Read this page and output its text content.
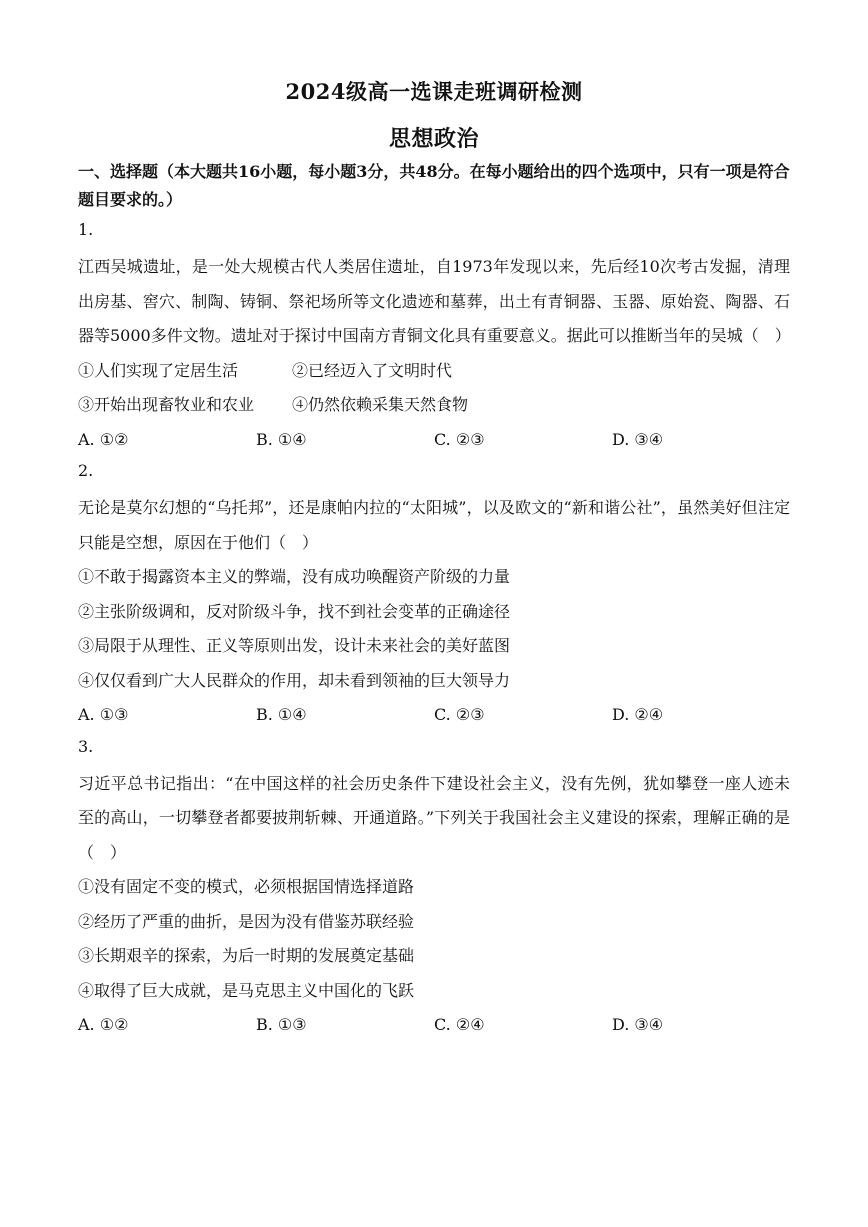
2024级高一选课走班调研检测
思想政治
一、选择题（本大题共16小题，每小题3分，共48分。在每小题给出的四个选项中，只有一项是符合题目要求的。）
1.
江西吴城遗址，是一处大规模古代人类居住遗址，自1973年发现以来，先后经10次考古发掘，清理出房基、窖穴、制陶、铸铜、祭祀场所等文化遗迹和墓葬，出土有青铜器、玉器、原始瓷、陶器、石器等5000多件文物。遗址对于探讨中国南方青铜文化具有重要意义。据此可以推断当年的吴城（　）
①人们实现了定居生活	②已经迈入了文明时代
③开始出现畜牧业和农业 ④仍然依赖采集天然食物
A. ①②	B. ①④	C. ②③	D. ③④
2.
无论是莫尔幻想的“乌托邦”，还是康帕内拉的“太阳城”，以及欧文的“新和谐公社”，虽然美好但注定只能是空想，原因在于他们（　）
①不敢于揭露资本主义的弊端，没有成功唤醒资产阶级的力量
②主张阶级调和，反对阶级斗争，找不到社会变革的正确途径
③局限于从理性、正义等原则出发，设计未来社会的美好蓝图
④仅仅看到广大人民群众的作用，却未看到领袖的巨大领导力
A. ①③	B. ①④	C. ②③	D. ②④
3.
习近平总书记指出：“在中国这样的社会历史条件下建设社会主义，没有先例，犹如攀登一座人迹未至的高山，一切攀登者都要披荆斩棘、开通道路。”下列关于我国社会主义建设的探索，理解正确的是（　）
①没有固定不变的模式，必须根据国情选择道路
②经历了严重的曲折，是因为没有借鉴苏联经验
③长期艰辛的探索，为后一时期的发展奠定基础
④取得了巨大成就，是马克思主义中国化的飞跃
A. ①②	B. ①③	C. ②④	D. ③④
